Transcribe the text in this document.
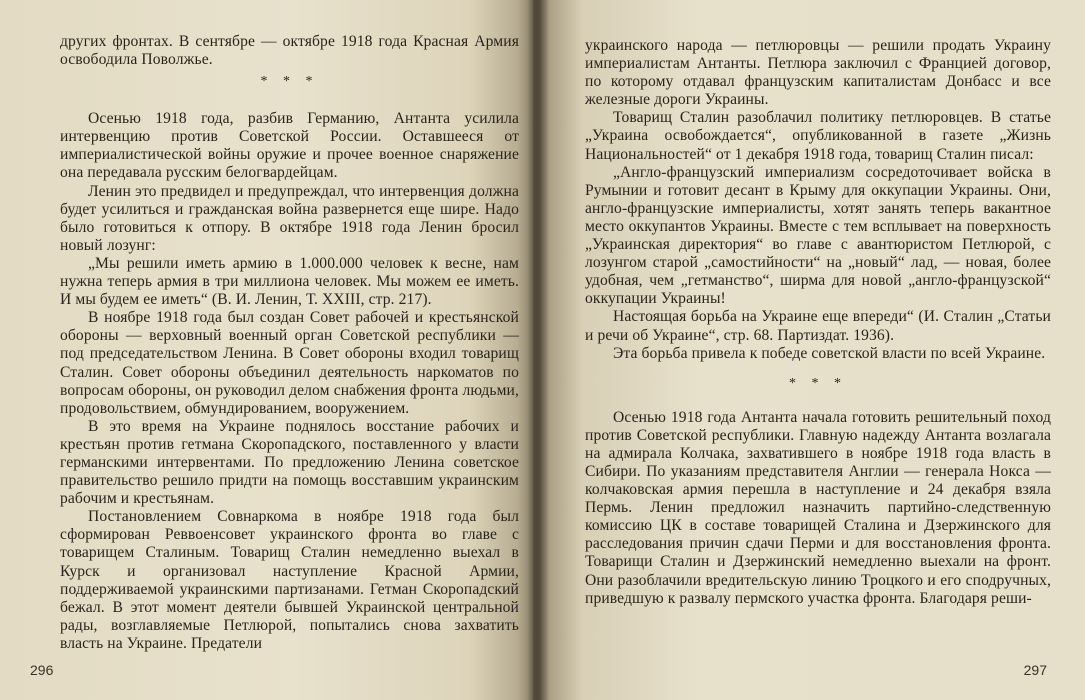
других фронтах. В сентябре — октябре 1918 года Красная Армия освободила Поволжье.

* * *

Осенью 1918 года, разбив Германию, Антанта усилила интервенцию против Советской России. Оставшееся от империалистической войны оружие и прочее военное снаряжение она передавала русским белогвардейцам.

Ленин это предвидел и предупреждал, что интервенция должна будет усилиться и гражданская война развернется еще шире. Надо было готовиться к отпору. В октябре 1918 года Ленин бросил новый лозунг:

„Мы решили иметь армию в 1.000.000 человек к весне, нам нужна теперь армия в три миллиона человек. Мы можем ее иметь. И мы будем ее иметь“ (В. И. Ленин, Т. XXIII, стр. 217).

В ноябре 1918 года был создан Совет рабочей и крестьянской обороны — верховный военный орган Советской республики — под председательством Ленина. В Совет обороны входил товарищ Сталин. Совет обороны объединил деятельность наркоматов по вопросам обороны, он руководил делом снабжения фронта людьми, продовольствием, обмундированием, вооружением.

В это время на Украине поднялось восстание рабочих и крестьян против гетмана Скоропадского, поставленного у власти германскими интервентами. По предложению Ленина советское правительство решило придти на помощь восставшим украинским рабочим и крестьянам.

Постановлением Совнаркома в ноябре 1918 года был сформирован Реввоенсовет украинского фронта во главе с товарищем Сталиным. Товарищ Сталин немедленно выехал в Курск и организовал наступление Красной Армии, поддерживаемой украинскими партизанами. Гетман Скоропадский бежал. В этот момент деятели бывшей Украинской центральной рады, возглавляемые Петлюрой, попытались снова захватить власть на Украине. Предатели

296

украинского народа — петлюровцы — решили продать Украину империалистам Антанты. Петлюра заключил с Францией договор, по которому отдавал французским капиталистам Донбасс и все железные дороги Украины.

Товарищ Сталин разоблачил политику петлюровцев. В статье „Украина освобождается“, опубликованной в газете „Жизнь Национальностей“ от 1 декабря 1918 года, товарищ Сталин писал:

„Англо-французский империализм сосредоточивает войска в Румынии и готовит десант в Крыму для оккупации Украины. Они, англо-французские империалисты, хотят занять теперь вакантное место оккупантов Украины. Вместе с тем всплывает на поверхность „Украинская директория“ во главе с авантюристом Петлюрой, с лозунгом старой „самостийности“ на „новый“ лад, — новая, более удобная, чем „гетманство“, ширма для новой „англо-французской“ оккупации Украины!

Настоящая борьба на Украине еще впереди“ (И. Сталин „Статьи и речи об Украине“, стр. 68. Партиздат. 1936).

Эта борьба привела к победе советской власти по всей Украине.

* * *

Осенью 1918 года Антанта начала готовить решительный поход против Советской республики. Главную надежду Антанта возлагала на адмирала Колчака, захватившего в ноябре 1918 года власть в Сибири. По указаниям представителя Англии — генерала Нокса — колчаковская армия перешла в наступление и 24 декабря взяла Пермь. Ленин предложил назначить партийно-следственную комиссию ЦК в составе товарищей Сталина и Дзержинского для расследования причин сдачи Перми и для восстановления фронта. Товарищи Сталин и Дзержинский немедленно выехали на фронт. Они разоблачили вредительскую линию Троцкого и его сподручных, приведшую к развалу пермского участка фронта. Благодаря реши-

297
